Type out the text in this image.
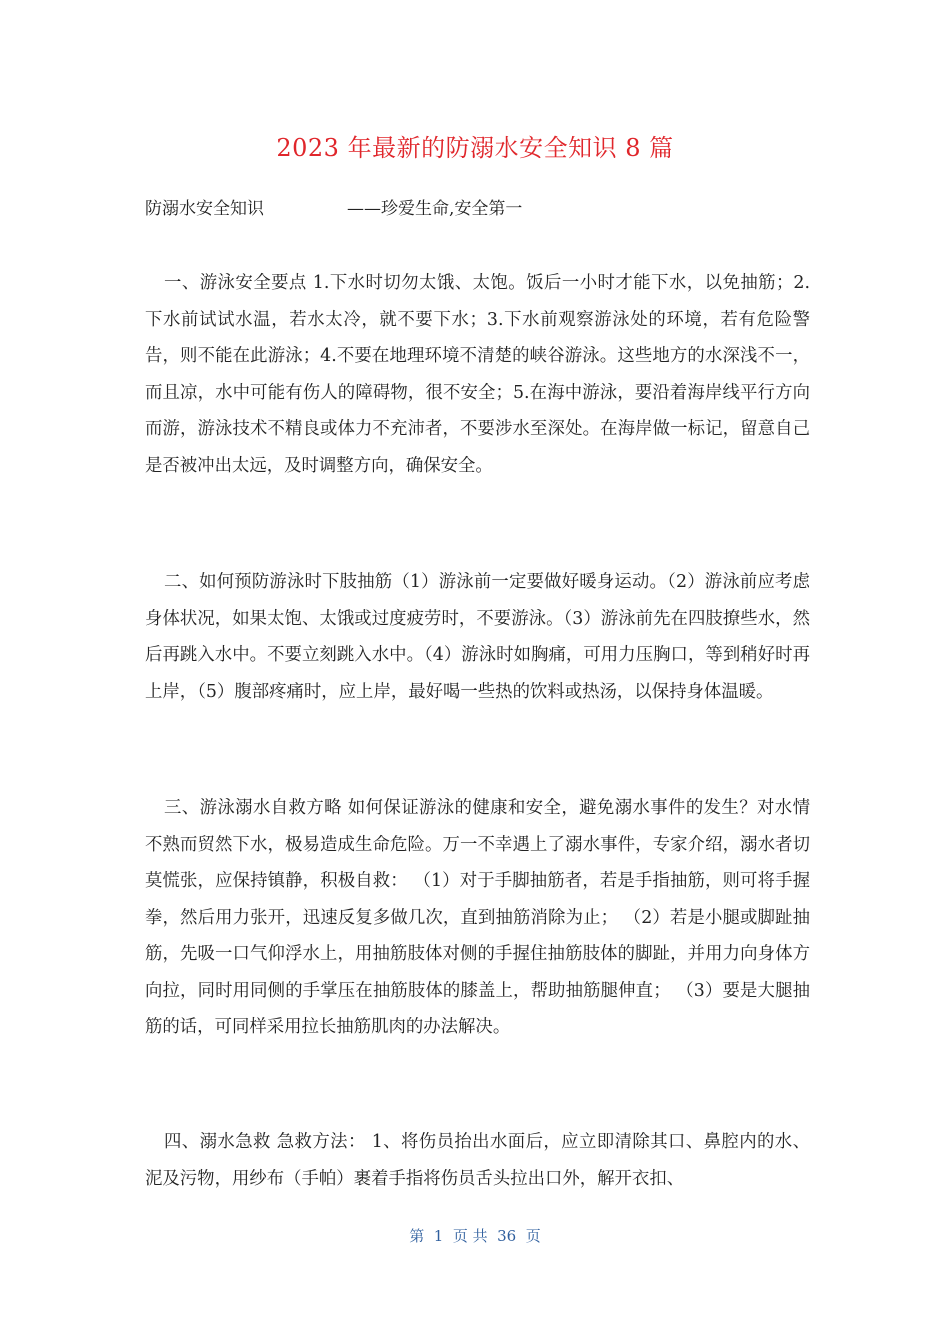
2023 年最新的防溺水安全知识 8 篇
防溺水安全知识	——珍爱生命,安全第一

一、游泳安全要点 1.下水时切勿太饿、太饱。饭后一小时才能下水，以免抽筋；2.下水前试试水温，若水太冷，就不要下水；3.下水前观察游泳处的环境，若有危险警告，则不能在此游泳；4.不要在地理环境不清楚的峡谷游泳。这些地方的水深浅不一，而且凉，水中可能有伤人的障碍物，很不安全；5.在海中游泳，要沿着海岸线平行方向而游，游泳技术不精良或体力不充沛者，不要涉水至深处。在海岸做一标记，留意自己是否被冲出太远，及时调整方向，确保安全。

二、如何预防游泳时下肢抽筋（1）游泳前一定要做好暖身运动。（2）游泳前应考虑身体状况，如果太饱、太饿或过度疲劳时，不要游泳。（3）游泳前先在四肢撩些水，然后再跳入水中。不要立刻跳入水中。（4）游泳时如胸痛，可用力压胸口，等到稍好时再上岸，（5）腹部疼痛时，应上岸，最好喝一些热的饮料或热汤，以保持身体温暖。

三、游泳溺水自救方略 如何保证游泳的健康和安全，避免溺水事件的发生？对水情不熟而贸然下水，极易造成生命危险。万一不幸遇上了溺水事件，专家介绍，溺水者切莫慌张，应保持镇静，积极自救： （1）对于手脚抽筋者，若是手指抽筋，则可将手握拳，然后用力张开，迅速反复多做几次，直到抽筋消除为止； （2）若是小腿或脚趾抽筋，先吸一口气仰浮水上，用抽筋肢体对侧的手握住抽筋肢体的脚趾，并用力向身体方向拉，同时用同侧的手掌压在抽筋肢体的膝盖上，帮助抽筋腿伸直； （3）要是大腿抽筋的话，可同样采用拉长抽筋肌肉的办法解决。

四、溺水急救 急救方法： 1、将伤员抬出水面后，应立即清除其口、鼻腔内的水、泥及污物，用纱布（手帕）裹着手指将伤员舌头拉出口外，解开衣扣、

第  1  页 共  36  页
